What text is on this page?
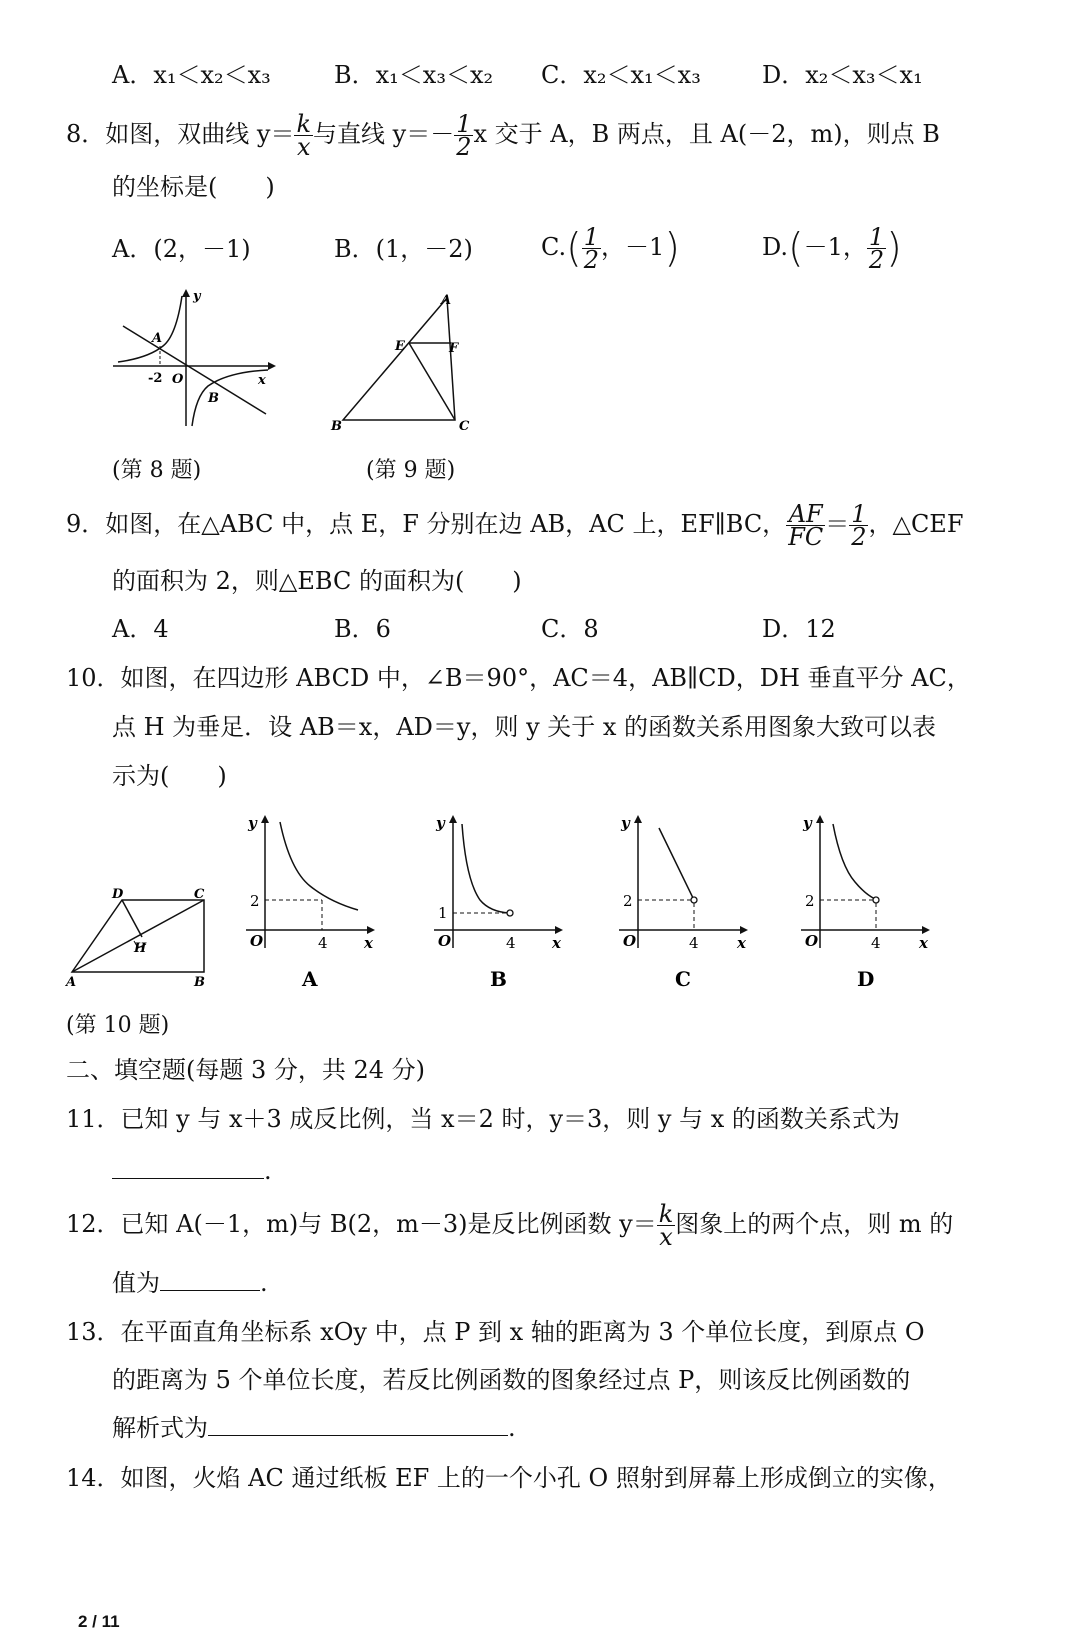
A．x₁＜x₂＜x₃	B．x₁＜x₃＜x₂ C．x₂＜x₁＜x₃	D．x₂＜x₃＜x₁
8．如图，双曲线 $y= \frac{k}{x}$ 与直线 $y=- \frac{1}{2}$ x 交于 A，B 两点，且 A(－2，m)，则点 B
的坐标是(　　)
A．(2，－1)	B．(1，－2)	$C.( \frac{1}{2}$ ，－1)	D.(－1， $\frac{1}{2}$ )
A
-2 O
B
y
x
(第 8 题)
A
E	F
B	C
(第 9 题)
9．如图，在△ABC 中，点 E，F 分别在边 AB，AC 上，EF∥BC， $\frac{AF}{FC} = \frac{1}{2}$ ，△CEF
的面积为 2，则△EBC 的面积为(　　)
A．4	B．6	C．8	D．12
10．如图，在四边形 ABCD 中，∠B＝90°，AC＝4，AB∥CD，DH 垂直平分 AC，
点 H 为垂足．设 AB＝x，AD＝y，则 y 关于 x 的函数关系用图象大致可以表
示为(　　)
D	C
H
A	B
(第 10 题)
2
4
O	x
y
A
1
4
O	x
y
B
2
4
O	x
y
C
2
4
O	x
y
D
二、填空题(每题 3 分，共 24 分)
11．已知 y 与 x＋3 成反比例，当 x＝2 时，y＝3，则 y 与 x 的函数关系式为
.
12．已知 A(－1，m)与 B(2，m－3)是反比例函数 $y= \frac{k}{x}$ 图象上的两个点，则 m 的
值为	.
13．在平面直角坐标系 xOy 中，点 P 到 x 轴的距离为 3 个单位长度，到原点 O
的距离为 5 个单位长度，若反比例函数的图象经过点 P，则该反比例函数的
解析式为	.
14．如图，火焰 AC 通过纸板 EF 上的一个小孔 O 照射到屏幕上形成倒立的实像，
2 / 11
